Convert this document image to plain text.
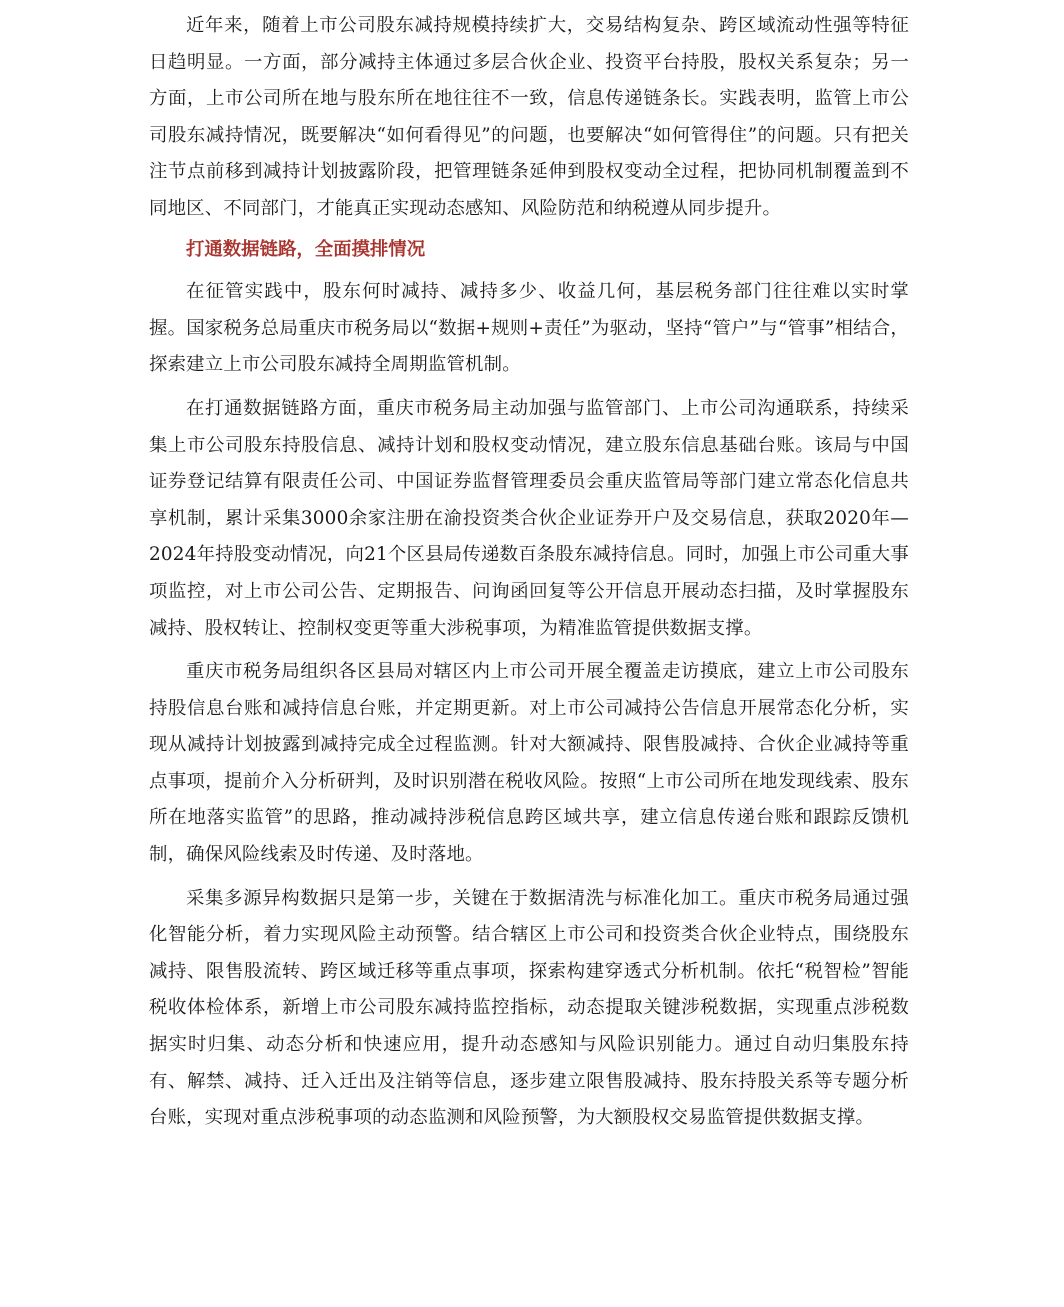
近年来，随着上市公司股东减持规模持续扩大，交易结构复杂、跨区域流动性强等特征日趋明显。一方面，部分减持主体通过多层合伙企业、投资平台持股，股权关系复杂；另一方面，上市公司所在地与股东所在地往往不一致，信息传递链条长。实践表明，监管上市公司股东减持情况，既要解决“如何看得见”的问题，也要解决“如何管得住”的问题。只有把关注节点前移到减持计划披露阶段，把管理链条延伸到股权变动全过程，把协同机制覆盖到不同地区、不同部门，才能真正实现动态感知、风险防范和纳税遵从同步提升。

打通数据链路，全面摸排情况

在征管实践中，股东何时减持、减持多少、收益几何，基层税务部门往往难以实时掌握。国家税务总局重庆市税务局以“数据+规则+责任”为驱动，坚持“管户”与“管事”相结合，探索建立上市公司股东减持全周期监管机制。

在打通数据链路方面，重庆市税务局主动加强与监管部门、上市公司沟通联系，持续采集上市公司股东持股信息、减持计划和股权变动情况，建立股东信息基础台账。该局与中国证券登记结算有限责任公司、中国证券监督管理委员会重庆监管局等部门建立常态化信息共享机制，累计采集3000余家注册在渝投资类合伙企业证券开户及交易信息，获取2020年—2024年持股变动情况，向21个区县局传递数百条股东减持信息。同时，加强上市公司重大事项监控，对上市公司公告、定期报告、问询函回复等公开信息开展动态扫描，及时掌握股东减持、股权转让、控制权变更等重大涉税事项，为精准监管提供数据支撑。

重庆市税务局组织各区县局对辖区内上市公司开展全覆盖走访摸底，建立上市公司股东持股信息台账和减持信息台账，并定期更新。对上市公司减持公告信息开展常态化分析，实现从减持计划披露到减持完成全过程监测。针对大额减持、限售股减持、合伙企业减持等重点事项，提前介入分析研判，及时识别潜在税收风险。按照“上市公司所在地发现线索、股东所在地落实监管”的思路，推动减持涉税信息跨区域共享，建立信息传递台账和跟踪反馈机制，确保风险线索及时传递、及时落地。

采集多源异构数据只是第一步，关键在于数据清洗与标准化加工。重庆市税务局通过强化智能分析，着力实现风险主动预警。结合辖区上市公司和投资类合伙企业特点，围绕股东减持、限售股流转、跨区域迁移等重点事项，探索构建穿透式分析机制。依托“税智检”智能税收体检体系，新增上市公司股东减持监控指标，动态提取关键涉税数据，实现重点涉税数据实时归集、动态分析和快速应用，提升动态感知与风险识别能力。通过自动归集股东持有、解禁、减持、迁入迁出及注销等信息，逐步建立限售股减持、股东持股关系等专题分析台账，实现对重点涉税事项的动态监测和风险预警，为大额股权交易监管提供数据支撑。
